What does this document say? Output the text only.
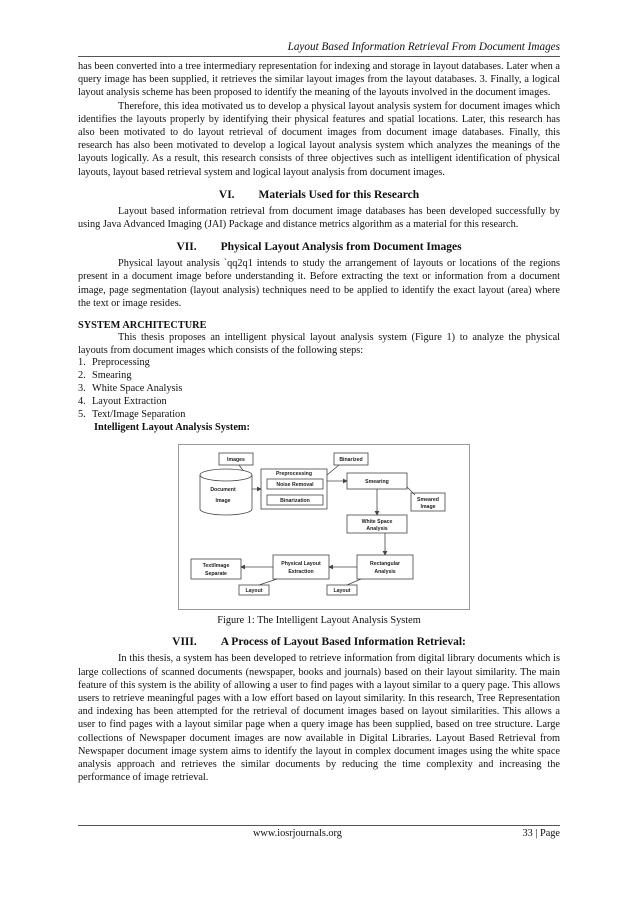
Layout Based Information Retrieval From Document Images

has been converted into a tree intermediary representation for indexing and storage in layout databases. Later when a query image has been supplied, it retrieves the similar layout images from the layout databases. 3. Finally, a logical layout analysis scheme has been proposed to identify the meaning of the layouts involved in the document images.

Therefore, this idea motivated us to develop a physical layout analysis system for document images which identifies the layouts properly by identifying their physical features and spatial locations. Later, this research has also been motivated to do layout retrieval of document images from document image databases. Finally, this research has also been motivated to develop a logical layout analysis system which analyzes the meanings of the layouts logically. As a result, this research consists of three objectives such as intelligent identification of physical layouts, layout based retrieval system and logical layout analysis from document images.

VI. Materials Used for this Research

Layout based information retrieval from document image databases has been developed successfully by using Java Advanced Imaging (JAI) Package and distance metrics algorithm as a material for this research.

VII. Physical Layout Analysis from Document Images

Physical layout analysis `qq2q1 intends to study the arrangement of layouts or locations of the regions present in a document image before understanding it. Before extracting the text or information from a document image, page segmentation (layout analysis) techniques need to be applied to identify the exact layout (area) where the text or image resides.

SYSTEM ARCHITECTURE

This thesis proposes an intelligent physical layout analysis system (Figure 1) to analyze the physical layouts from document images which consists of the following steps:

1. Preprocessing
2. Smearing
3. White Space Analysis
4. Layout Extraction
5. Text/Image Separation
Intelligent Layout Analysis System:
Images
Document
Image
Preprocessing
Noise Removal
Binarization
Binarized
Smearing
Smeared
Image
White Space
Analysis
Rectangular
Analysis
Physical Layout
Extraction
Text/Image
Separate
Layout	Layout
Figure 1: The Intelligent Layout Analysis System
VIII. A Process of Layout Based Information Retrieval:

In this thesis, a system has been developed to retrieve information from digital library documents which is large collections of scanned documents (newspaper, books and journals) based on their layout similarity. The main feature of this system is the ability of allowing a user to find pages with a layout similar to a query page. This allows users to retrieve meaningful pages with a low effort based on layout similarity. In this research, Tree Representation and indexing has been attempted for the retrieval of document images based on layout similarities. This allows a user to find pages with a layout similar page when a query image has been supplied, based on tree structure. Large collections of Newspaper document images are now available in Digital Libraries. Layout Based Retrieval from Newspaper document image system aims to identify the layout in complex document images using the white space analysis approach and retrieves the similar documents by reducing the time complexity and increasing the performance of image retrieval.

www.iosrjournals.org	33 | Page
